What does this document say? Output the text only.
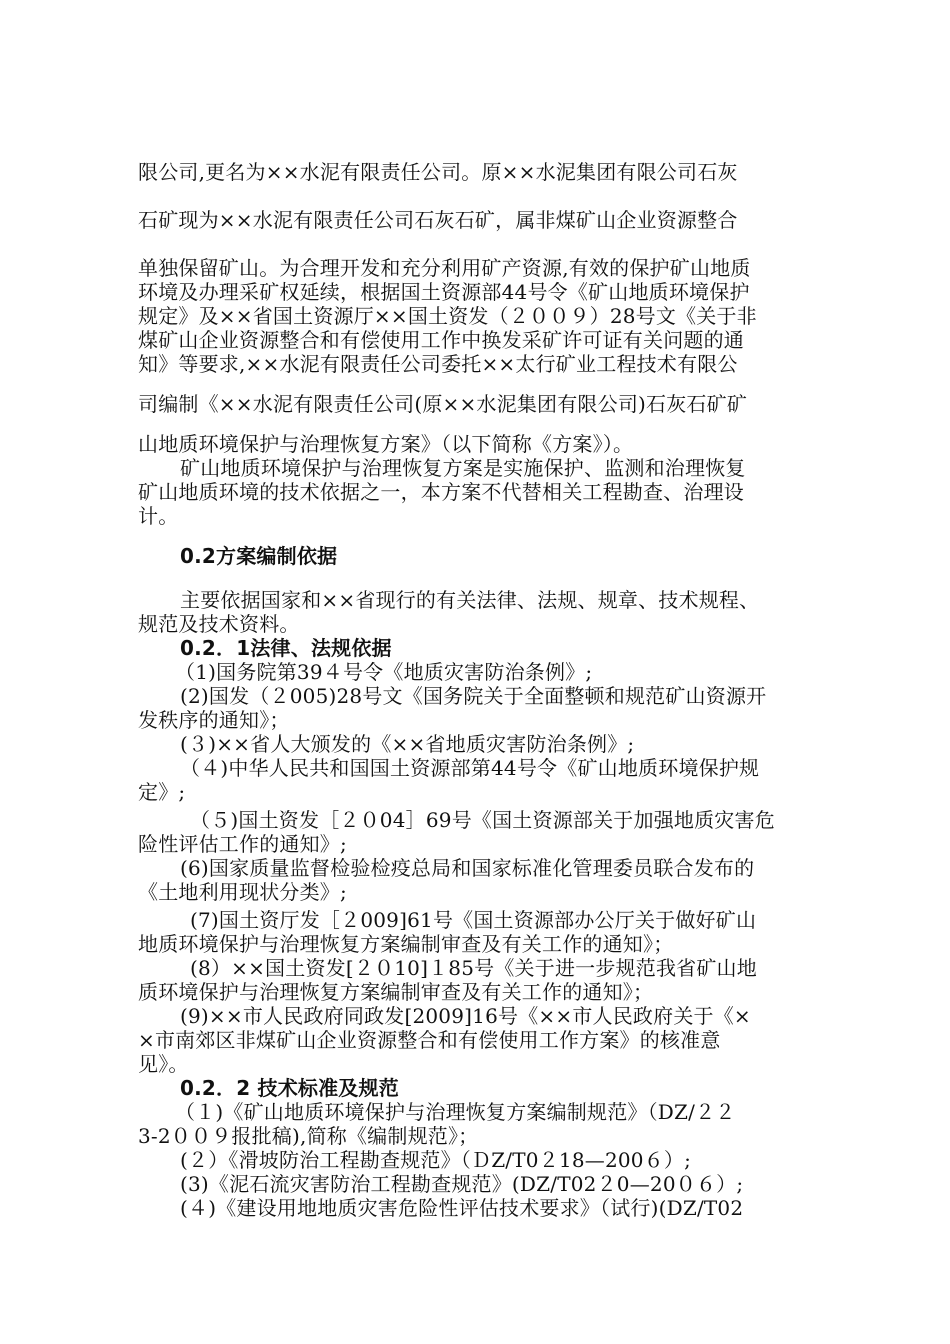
限公司,更名为××水泥有限责任公司。原××水泥集团有限公司石灰
石矿现为××水泥有限责任公司石灰石矿，属非煤矿山企业资源整合
单独保留矿山。为合理开发和充分利用矿产资源,有效的保护矿山地质
环境及办理采矿权延续，根据国土资源部44号令《矿山地质环境保护
规定》及××省国土资源厅××国土资发（２００９）28号文《关于非
煤矿山企业资源整合和有偿使用工作中换发采矿许可证有关问题的通
知》等要求,××水泥有限责任公司委托××太行矿业工程技术有限公
司编制《××水泥有限责任公司(原××水泥集团有限公司)石灰石矿矿
山地质环境保护与治理恢复方案》（以下简称《方案》）。
矿山地质环境保护与治理恢复方案是实施保护、监测和治理恢复
矿山地质环境的技术依据之一，本方案不代替相关工程勘查、治理设
计。
0.2方案编制依据
主要依据国家和××省现行的有关法律、法规、规章、技术规程、
规范及技术资料。
0.2．1法律、法规依据
（1)国务院第39４号令《地质灾害防治条例》;
(2)国发（２005)28号文《国务院关于全面整顿和规范矿山资源开
发秩序的通知》；
(３)××省人大颁发的《××省地质灾害防治条例》;
（４)中华人民共和国国土资源部第44号令《矿山地质环境保护规
定》;
（５)国土资发［２０04］69号《国土资源部关于加强地质灾害危
险性评估工作的通知》;
(6)国家质量监督检验检疫总局和国家标准化管理委员联合发布的
《土地利用现状分类》;
(7)国土资厅发［２009]61号《国土资源部办公厅关于做好矿山
地质环境保护与治理恢复方案编制审查及有关工作的通知》；
(8）××国土资发[２０10]１85号《关于进一步规范我省矿山地
质环境保护与治理恢复方案编制审查及有关工作的通知》；
(9)××市人民政府同政发[2009]16号《××市人民政府关于《×
×市南郊区非煤矿山企业资源整合和有偿使用工作方案》的核准意
见》。
0.2．2 技术标准及规范
（１)《矿山地质环境保护与治理恢复方案编制规范》（DZ/２２
3-2００９报批稿),简称《编制规范》；
(２）《滑坡防治工程勘查规范》（ＤZ/T0２18—200６）;
(3)《泥石流灾害防治工程勘查规范》(DZ/T02２0—20０６）;
(４)《建设用地地质灾害危险性评估技术要求》（试行)(DZ/T02
